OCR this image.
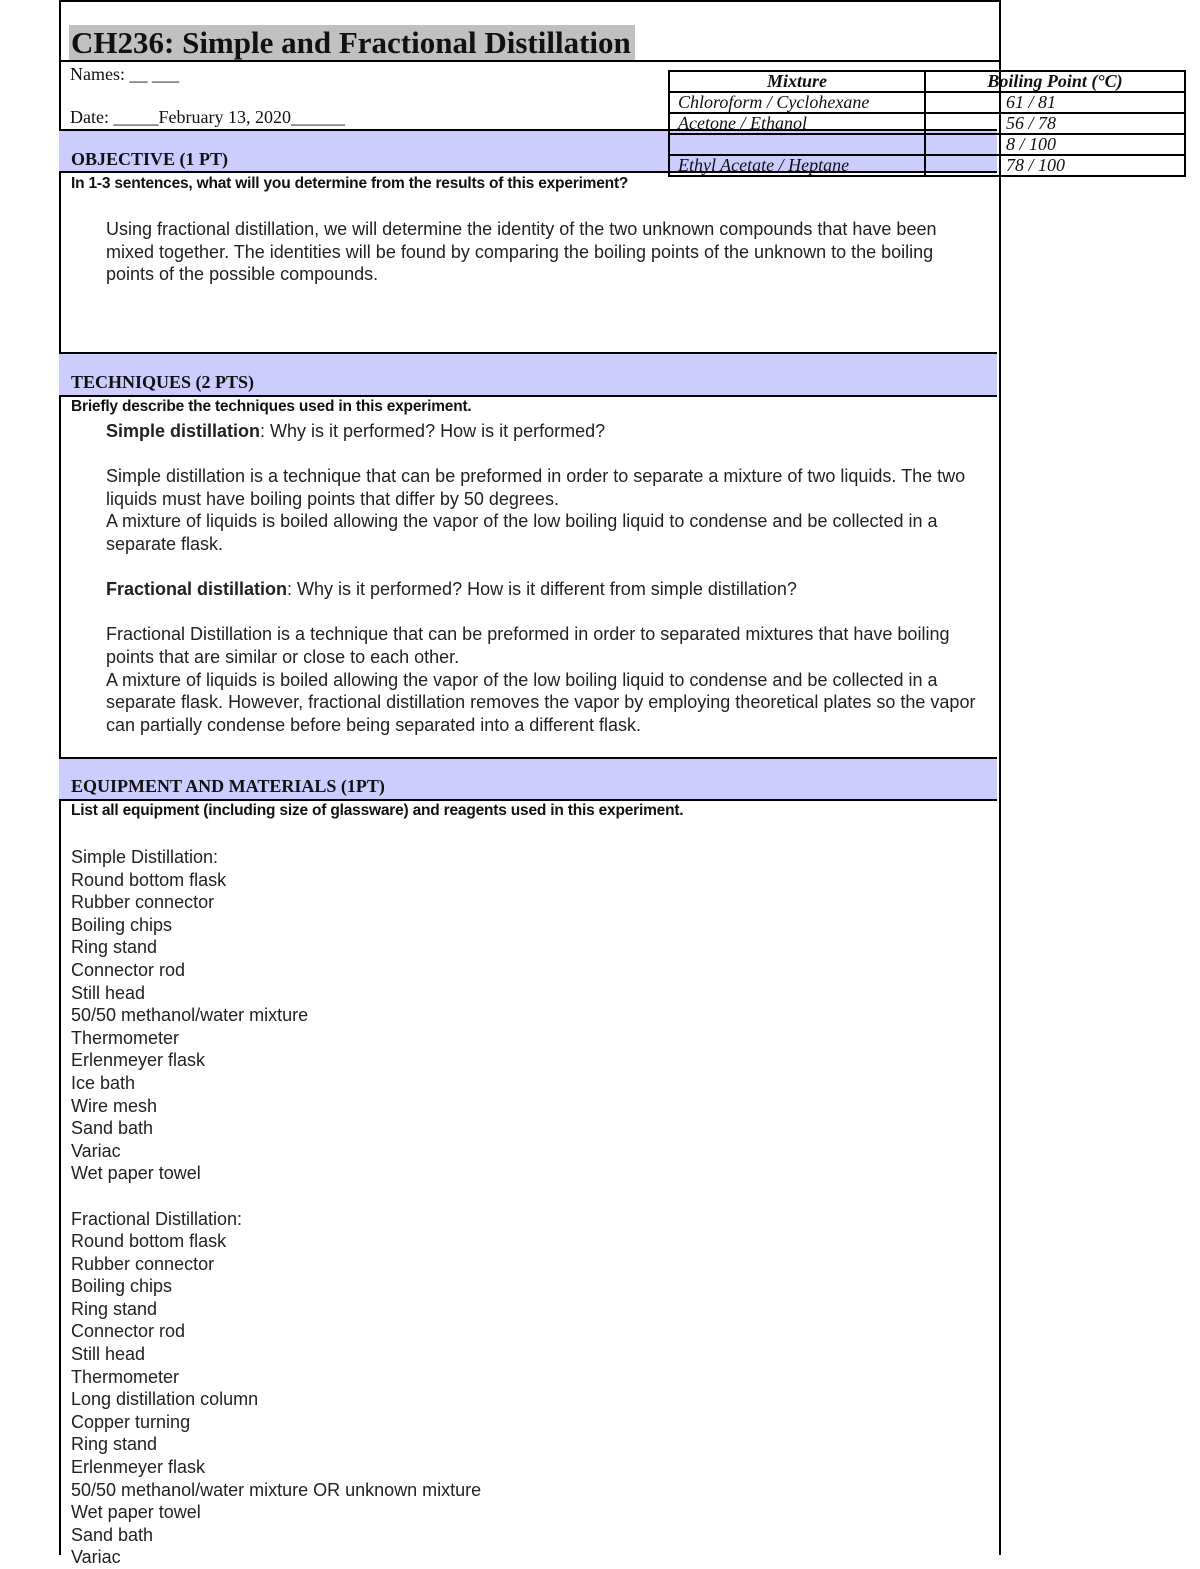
CH236: Simple and Fractional Distillation
Names: __ ___
Date: _____February 13, 2020______
OBJECTIVE (1 PT)
In 1-3 sentences, what will you determine from the results of this experiment?

Using fractional distillation, we will determine the identity of the two unknown compounds that have been mixed together. The identities will be found by comparing the boiling points of the unknown to the boiling points of the possible compounds.

Mixture	Boiling Point (°C)
Chloroform / Cyclohexane	61 / 81
Acetone / Ethanol	56 / 78
	8 / 100
Ethyl Acetate / Heptane	78 / 100
TECHNIQUES (2 PTS)
Briefly describe the techniques used in this experiment.

Simple distillation: Why is it performed? How is it performed?

Simple distillation is a technique that can be preformed in order to separate a mixture of two liquids. The two liquids must have boiling points that differ by 50 degrees.

A mixture of liquids is boiled allowing the vapor of the low boiling liquid to condense and be collected in a separate flask.

Fractional distillation: Why is it performed? How is it different from simple distillation?

Fractional Distillation is a technique that can be preformed in order to separated mixtures that have boiling points that are similar or close to each other.

A mixture of liquids is boiled allowing the vapor of the low boiling liquid to condense and be collected in a separate flask. However, fractional distillation removes the vapor by employing theoretical plates so the vapor can partially condense before being separated into a different flask.

EQUIPMENT AND MATERIALS (1PT)
List all equipment (including size of glassware) and reagents used in this experiment.
Simple Distillation:
Round bottom flask
Rubber connector
Boiling chips
Ring stand
Connector rod
Still head
50/50 methanol/water mixture
Thermometer
Erlenmeyer flask
Ice bath
Wire mesh
Sand bath
Variac
Wet paper towel
Fractional Distillation:
Round bottom flask
Rubber connector
Boiling chips
Ring stand
Connector rod
Still head
Thermometer
Long distillation column
Copper turning
Ring stand
Erlenmeyer flask
50/50 methanol/water mixture OR unknown mixture
Wet paper towel
Sand bath
Variac
